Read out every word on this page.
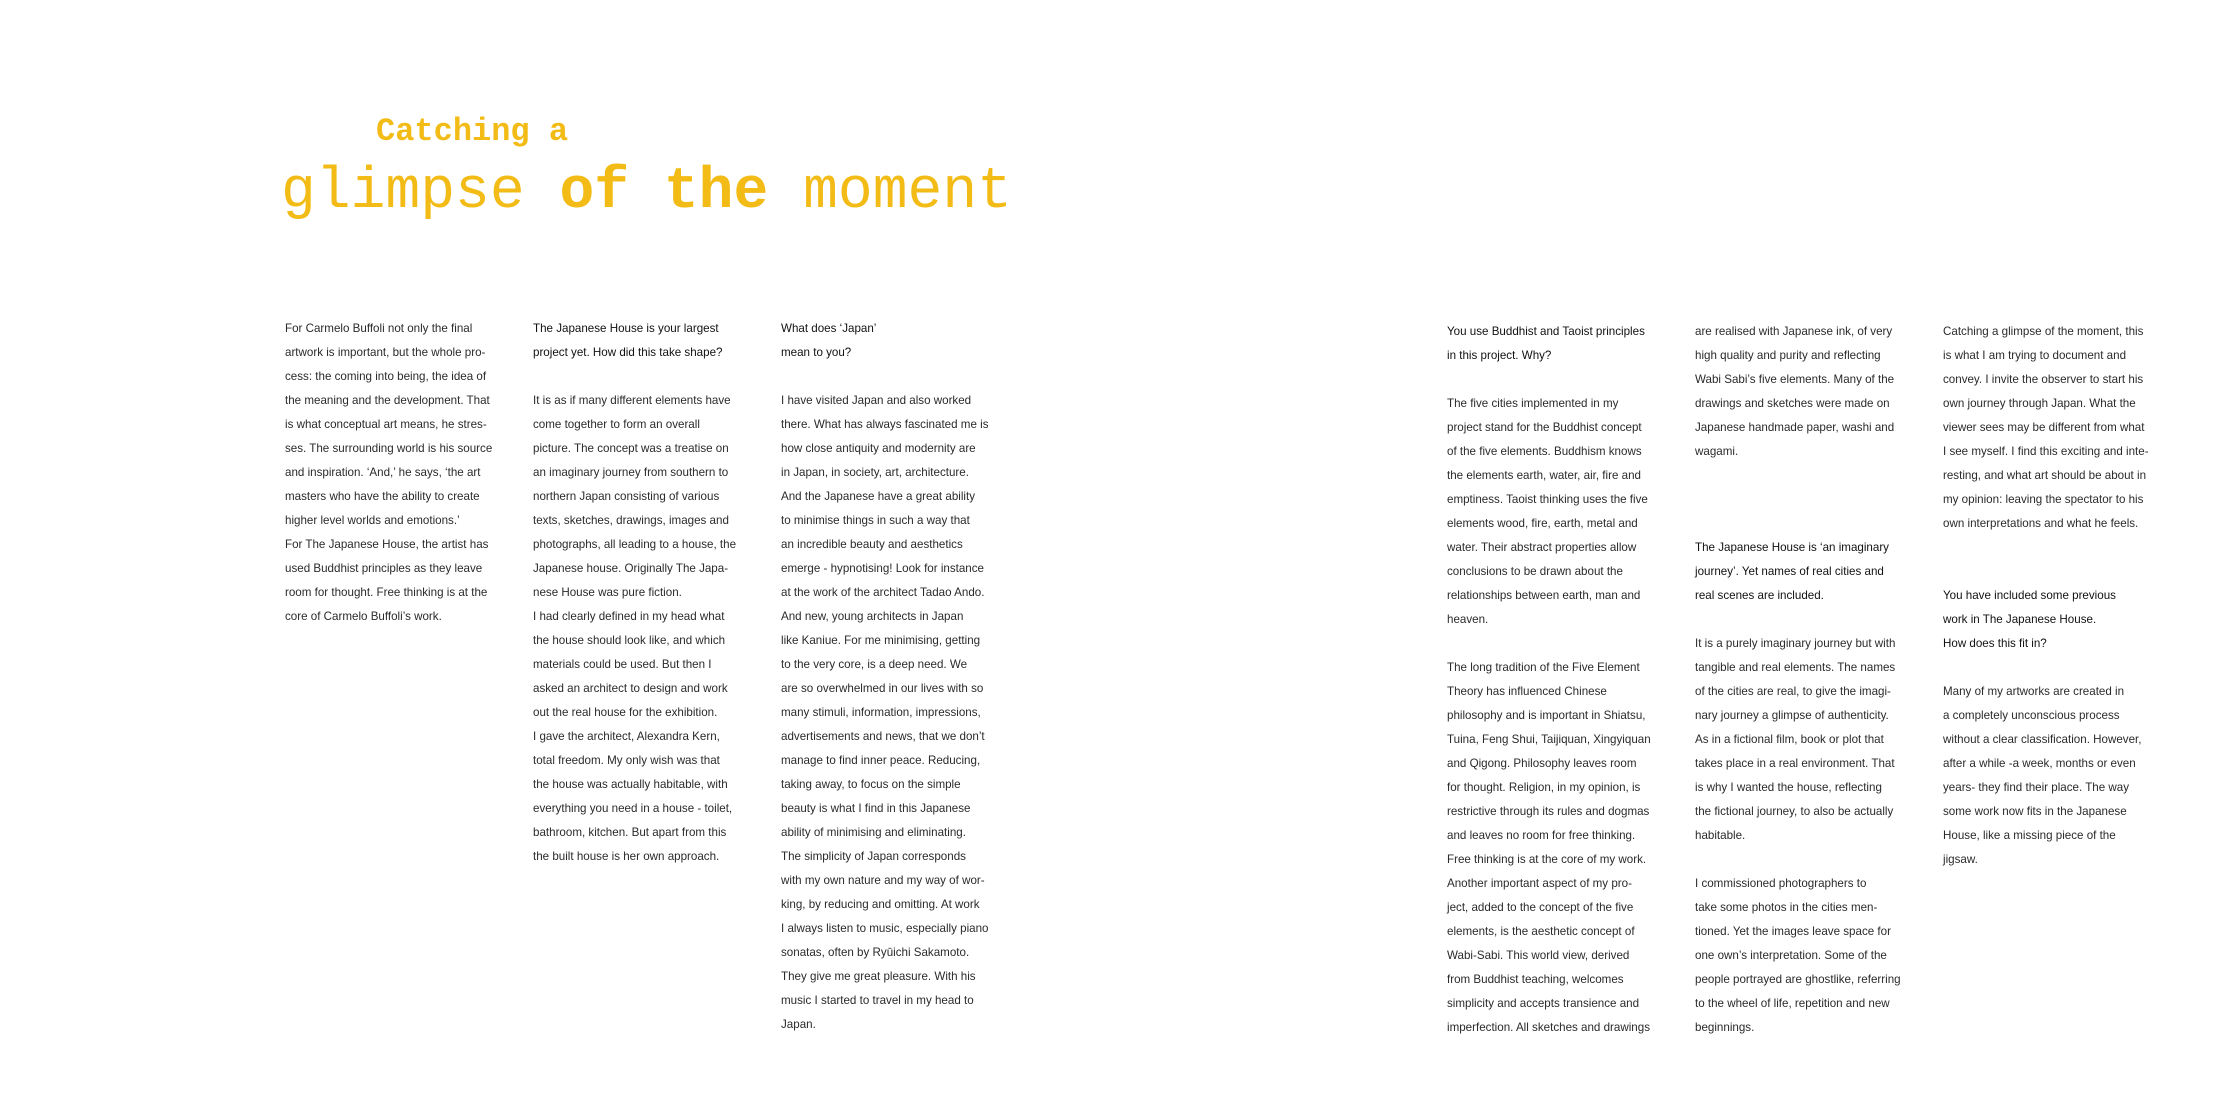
Catching a
glimpse of the moment

For Carmelo Buffoli not only the final
artwork is important, but the whole pro-
cess: the coming into being, the idea of
the meaning and the development. That
is what conceptual art means, he stres-
ses. The surrounding world is his source
and inspiration. ‘And,’ he says, ‘the art
masters who have the ability to create
higher level worlds and emotions.’
For The Japanese House, the artist has
used Buddhist principles as they leave
room for thought. Free thinking is at the
core of Carmelo Buffoli’s work.

The Japanese House is your largest
project yet. How did this take shape?

It is as if many different elements have
come together to form an overall
picture. The concept was a treatise on
an imaginary journey from southern to
northern Japan consisting of various
texts, sketches, drawings, images and
photographs, all leading to a house, the
Japanese house. Originally The Japa-
nese House was pure fiction.
I had clearly defined in my head what
the house should look like, and which
materials could be used. But then I
asked an architect to design and work
out the real house for the exhibition.
I gave the architect, Alexandra Kern,
total freedom. My only wish was that
the house was actually habitable, with
everything you need in a house - toilet,
bathroom, kitchen. But apart from this
the built house is her own approach.

What does ‘Japan’
mean to you?

I have visited Japan and also worked
there. What has always fascinated me is
how close antiquity and modernity are
in Japan, in society, art, architecture.
And the Japanese have a great ability
to minimise things in such a way that
an incredible beauty and aesthetics
emerge - hypnotising! Look for instance
at the work of the architect Tadao Ando.
And new, young architects in Japan
like Kaniue. For me minimising, getting
to the very core, is a deep need. We
are so overwhelmed in our lives with so
many stimuli, information, impressions,
advertisements and news, that we don’t
manage to find inner peace. Reducing,
taking away, to focus on the simple
beauty is what I find in this Japanese
ability of minimising and eliminating.
The simplicity of Japan corresponds
with my own nature and my way of wor-
king, by reducing and omitting. At work
I always listen to music, especially piano
sonatas, often by Ryūichi Sakamoto.
They give me great pleasure. With his
music I started to travel in my head to
Japan.

You use Buddhist and Taoist principles
in this project. Why?

The five cities implemented in my
project stand for the Buddhist concept
of the five elements. Buddhism knows
the elements earth, water, air, fire and
emptiness. Taoist thinking uses the five
elements wood, fire, earth, metal and
water. Their abstract properties allow
conclusions to be drawn about the
relationships between earth, man and
heaven.

The long tradition of the Five Element
Theory has influenced Chinese
philosophy and is important in Shiatsu,
Tuina, Feng Shui, Taijiquan, Xingyiquan
and Qigong. Philosophy leaves room
for thought. Religion, in my opinion, is
restrictive through its rules and dogmas
and leaves no room for free thinking.
Free thinking is at the core of my work.
Another important aspect of my pro-
ject, added to the concept of the five
elements, is the aesthetic concept of
Wabi-Sabi. This world view, derived
from Buddhist teaching, welcomes
simplicity and accepts transience and
imperfection. All sketches and drawings

are realised with Japanese ink, of very
high quality and purity and reflecting
Wabi Sabi’s five elements. Many of the
drawings and sketches were made on
Japanese handmade paper, washi and
wagami.

The Japanese House is ‘an imaginary
journey’. Yet names of real cities and
real scenes are included.

It is a purely imaginary journey but with
tangible and real elements. The names
of the cities are real, to give the imagi-
nary journey a glimpse of authenticity.
As in a fictional film, book or plot that
takes place in a real environment. That
is why I wanted the house, reflecting
the fictional journey, to also be actually
habitable.

I commissioned photographers to
take some photos in the cities men-
tioned. Yet the images leave space for
one own’s interpretation. Some of the
people portrayed are ghostlike, referring
to the wheel of life, repetition and new
beginnings.

Catching a glimpse of the moment, this
is what I am trying to document and
convey. I invite the observer to start his
own journey through Japan. What the
viewer sees may be different from what
I see myself. I find this exciting and inte-
resting, and what art should be about in
my opinion: leaving the spectator to his
own interpretations and what he feels.

You have included some previous
work in The Japanese House.
How does this fit in?

Many of my artworks are created in
a completely unconscious process
without a clear classification. However,
after a while -a week, months or even
years- they find their place. The way
some work now fits in the Japanese
House, like a missing piece of the
jigsaw.
